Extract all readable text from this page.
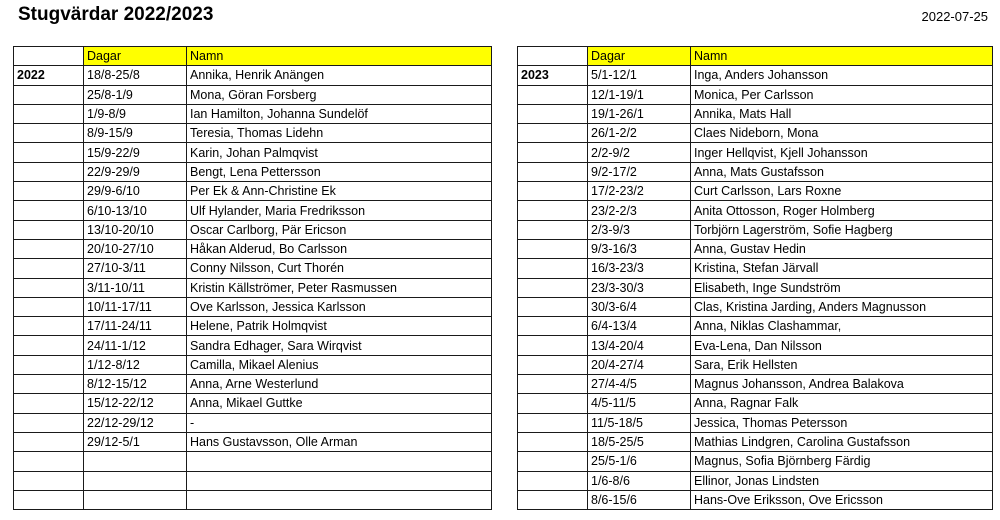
Stugvärdar 2022/2023	2022-07-25
	Dagar	Namn
2022	18/8-25/8	Annika, Henrik Anängen
	25/8-1/9	Mona, Göran Forsberg
	1/9-8/9	Ian Hamilton, Johanna Sundelöf
	8/9-15/9	Teresia, Thomas Lidehn
	15/9-22/9	Karin, Johan Palmqvist
	22/9-29/9	Bengt, Lena Pettersson
	29/9-6/10	Per Ek & Ann-Christine Ek
	6/10-13/10	Ulf Hylander, Maria Fredriksson
	13/10-20/10	Oscar Carlborg, Pär Ericson
	20/10-27/10	Håkan Alderud, Bo Carlsson
	27/10-3/11	Conny Nilsson, Curt Thorén
	3/11-10/11	Kristin Källströmer, Peter Rasmussen
	10/11-17/11	Ove Karlsson, Jessica Karlsson
	17/11-24/11	Helene, Patrik Holmqvist
	24/11-1/12	Sandra Edhager, Sara Wirqvist
	1/12-8/12	Camilla, Mikael Alenius
	8/12-15/12	Anna, Arne Westerlund
	15/12-22/12	Anna, Mikael Guttke
	22/12-29/12	-
	29/12-5/1	Hans Gustavsson, Olle Arman

	Dagar	Namn
2023	5/1-12/1	Inga, Anders Johansson
	12/1-19/1	Monica, Per Carlsson
	19/1-26/1	Annika, Mats Hall
	26/1-2/2	Claes Nideborn, Mona
	2/2-9/2	Inger Hellqvist, Kjell Johansson
	9/2-17/2	Anna, Mats Gustafsson
	17/2-23/2	Curt Carlsson, Lars Roxne
	23/2-2/3	Anita Ottosson, Roger Holmberg
	2/3-9/3	Torbjörn Lagerström, Sofie Hagberg
	9/3-16/3	Anna, Gustav Hedin
	16/3-23/3	Kristina, Stefan Järvall
	23/3-30/3	Elisabeth, Inge Sundström
	30/3-6/4	Clas, Kristina Jarding, Anders Magnusson
	6/4-13/4	Anna, Niklas Clashammar,
	13/4-20/4	Eva-Lena, Dan Nilsson
	20/4-27/4	Sara, Erik Hellsten
	27/4-4/5	Magnus Johansson, Andrea Balakova
	4/5-11/5	Anna, Ragnar Falk
	11/5-18/5	Jessica, Thomas Petersson
	18/5-25/5	Mathias Lindgren, Carolina Gustafsson
	25/5-1/6	Magnus, Sofia Björnberg Färdig
	1/6-8/6	Ellinor, Jonas Lindsten
	8/6-15/6	Hans-Ove Eriksson, Ove Ericsson
